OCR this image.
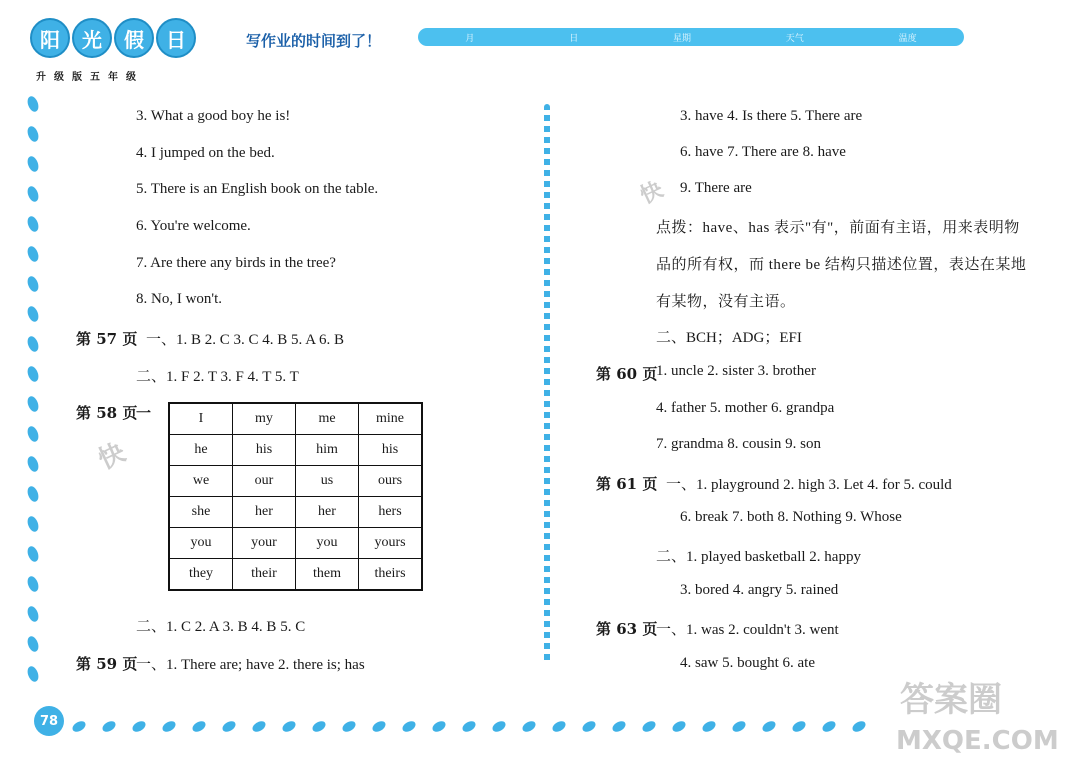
阳	光	假	日	写作业的时间到了！	月	日	星期	天气	温度
升级版五年级
78
3. What a good boy he is!
4. I jumped on the bed.
5. There is an English book on the table.
6. You're welcome.
7. Are there any birds in the tree?
8. No, I won't.
第 57 页 一、1. B 2. C 3. C 4. B 5. A 6. B
二、1. F 2. T 3. F 4. T 5. T
第 58 页
一	I	my	me	mine
he	his	him	his
we	our	us	ours
she	her	her	hers
you	your	you	yours
they	their	them	theirs
二、1. C 2. A 3. B 4. B 5. C
第 59 页
一、1. There are; have 2. there is; has
3. have 4. Is there 5. There are
6. have 7. There are 8. have
9. There are
点拨：have、has 表示"有"，前面有主语，用来表明物
品的所有权，而 there be 结构只描述位置，表达在某地
有某物，没有主语。
二、BCH；ADG；EFI
第 60 页
1. uncle 2. sister 3. brother
4. father 5. mother 6. grandpa
7. grandma 8. cousin 9. son
第 61 页 一、1. playground 2. high 3. Let 4. for 5. could
6. break 7. both 8. Nothing 9. Whose
二、1. played basketball 2. happy
3. bored 4. angry 5. rained
第 63 页
一、1. was 2. couldn't 3. went
4. saw 5. bought 6. ate
快
快
答案圈
MXQE.COM
